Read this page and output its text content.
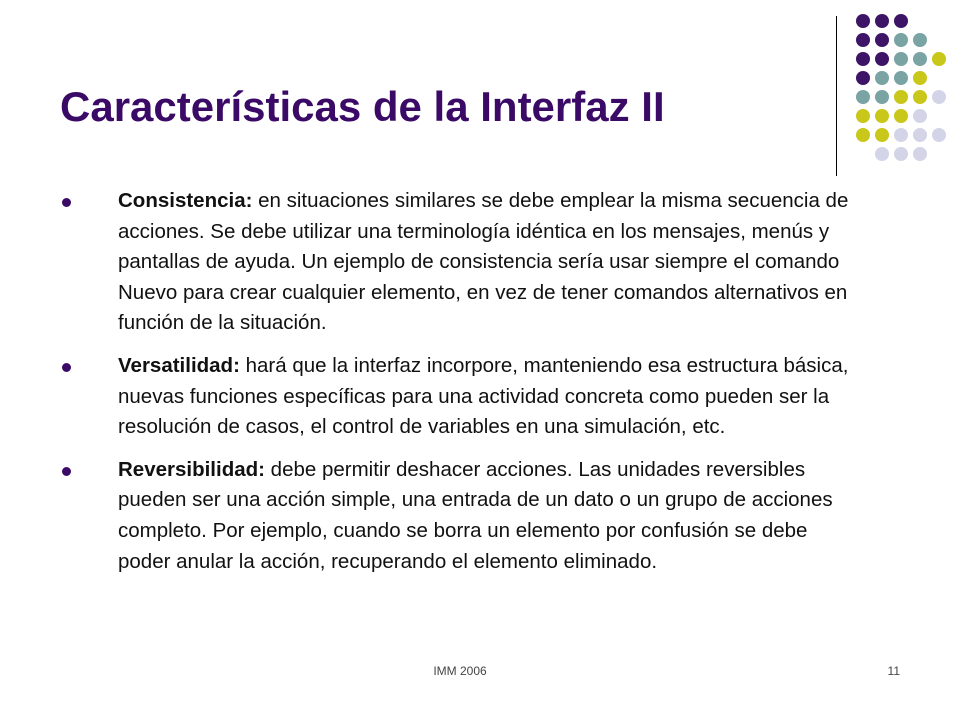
Características de la Interfaz II
Consistencia: en situaciones similares se debe emplear la misma secuencia de acciones. Se debe utilizar una terminología idéntica en los mensajes, menús y pantallas de ayuda. Un ejemplo de consistencia sería usar siempre el comando Nuevo para crear cualquier elemento, en vez de tener comandos alternativos en función de la situación.
Versatilidad: hará que la interfaz incorpore, manteniendo esa estructura básica, nuevas funciones específicas para una actividad concreta como pueden ser la resolución de casos, el control de variables en una simulación, etc.
Reversibilidad: debe permitir deshacer acciones. Las unidades reversibles pueden ser una acción simple, una entrada de un dato o un grupo de acciones completo. Por ejemplo, cuando se borra un elemento por confusión se debe poder anular la acción, recuperando el elemento eliminado.
IMM 2006	11
